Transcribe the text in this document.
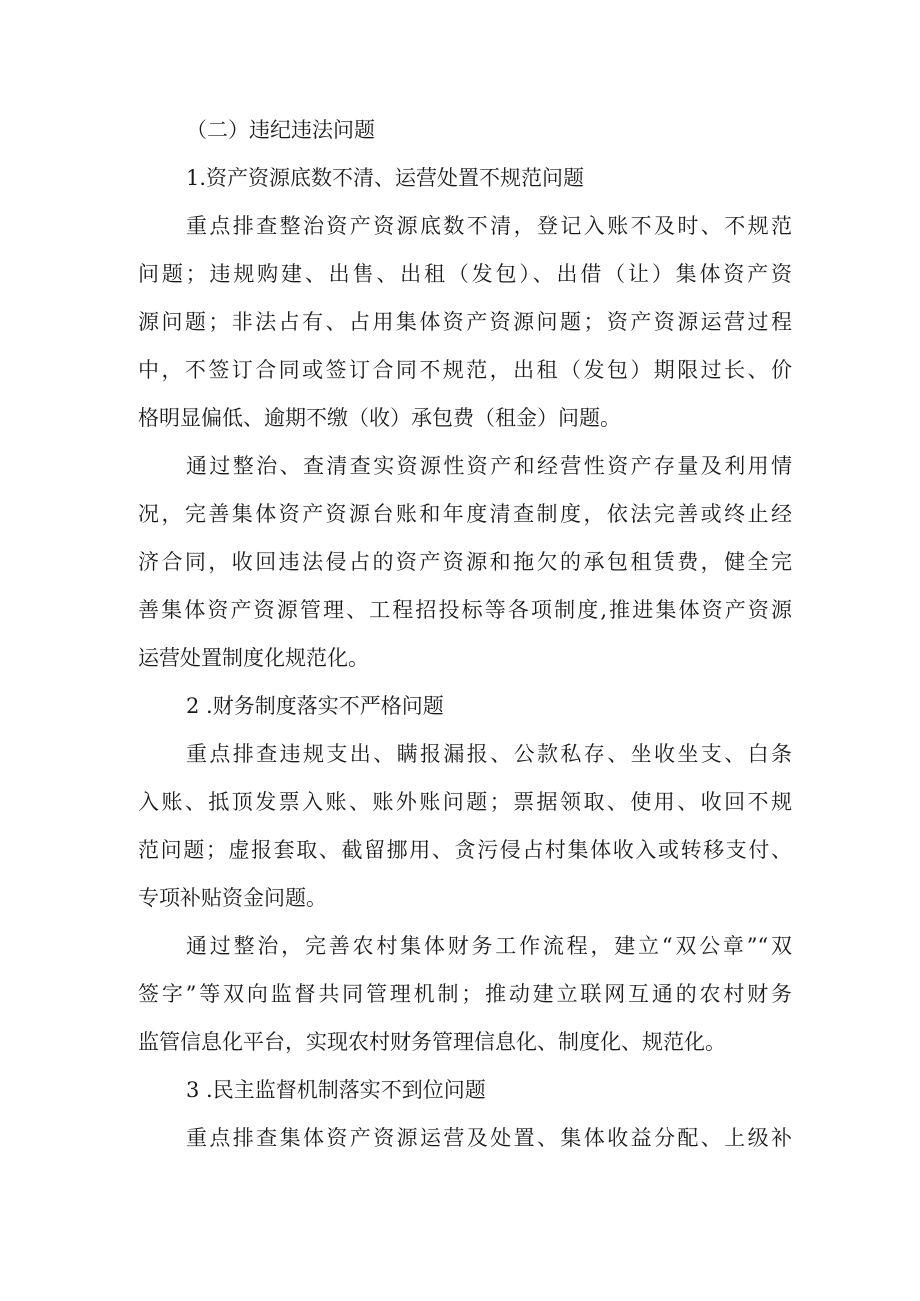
（二）违纪违法问题
1.资产资源底数不清、运营处置不规范问题
重点排查整治资产资源底数不清，登记入账不及时、不规范
问题；违规购建、出售、出租（发包）、出借（让）集体资产资
源问题；非法占有、占用集体资产资源问题；资产资源运营过程
中，不签订合同或签订合同不规范，出租（发包）期限过长、价
格明显偏低、逾期不缴（收）承包费（租金）问题。
通过整治、查清查实资源性资产和经营性资产存量及利用情
况，完善集体资产资源台账和年度清查制度，依法完善或终止经
济合同，收回违法侵占的资产资源和拖欠的承包租赁费，健全完
善集体资产资源管理、工程招投标等各项制度,推进集体资产资源
运营处置制度化规范化。
2 .财务制度落实不严格问题
重点排查违规支出、瞒报漏报、公款私存、坐收坐支、白条
入账、抵顶发票入账、账外账问题；票据领取、使用、收回不规
范问题；虚报套取、截留挪用、贪污侵占村集体收入或转移支付、
专项补贴资金问题。
通过整治，完善农村集体财务工作流程，建立“双公章”“双
签字”等双向监督共同管理机制；推动建立联网互通的农村财务
监管信息化平台，实现农村财务管理信息化、制度化、规范化。
3 .民主监督机制落实不到位问题
重点排查集体资产资源运营及处置、集体收益分配、上级补
